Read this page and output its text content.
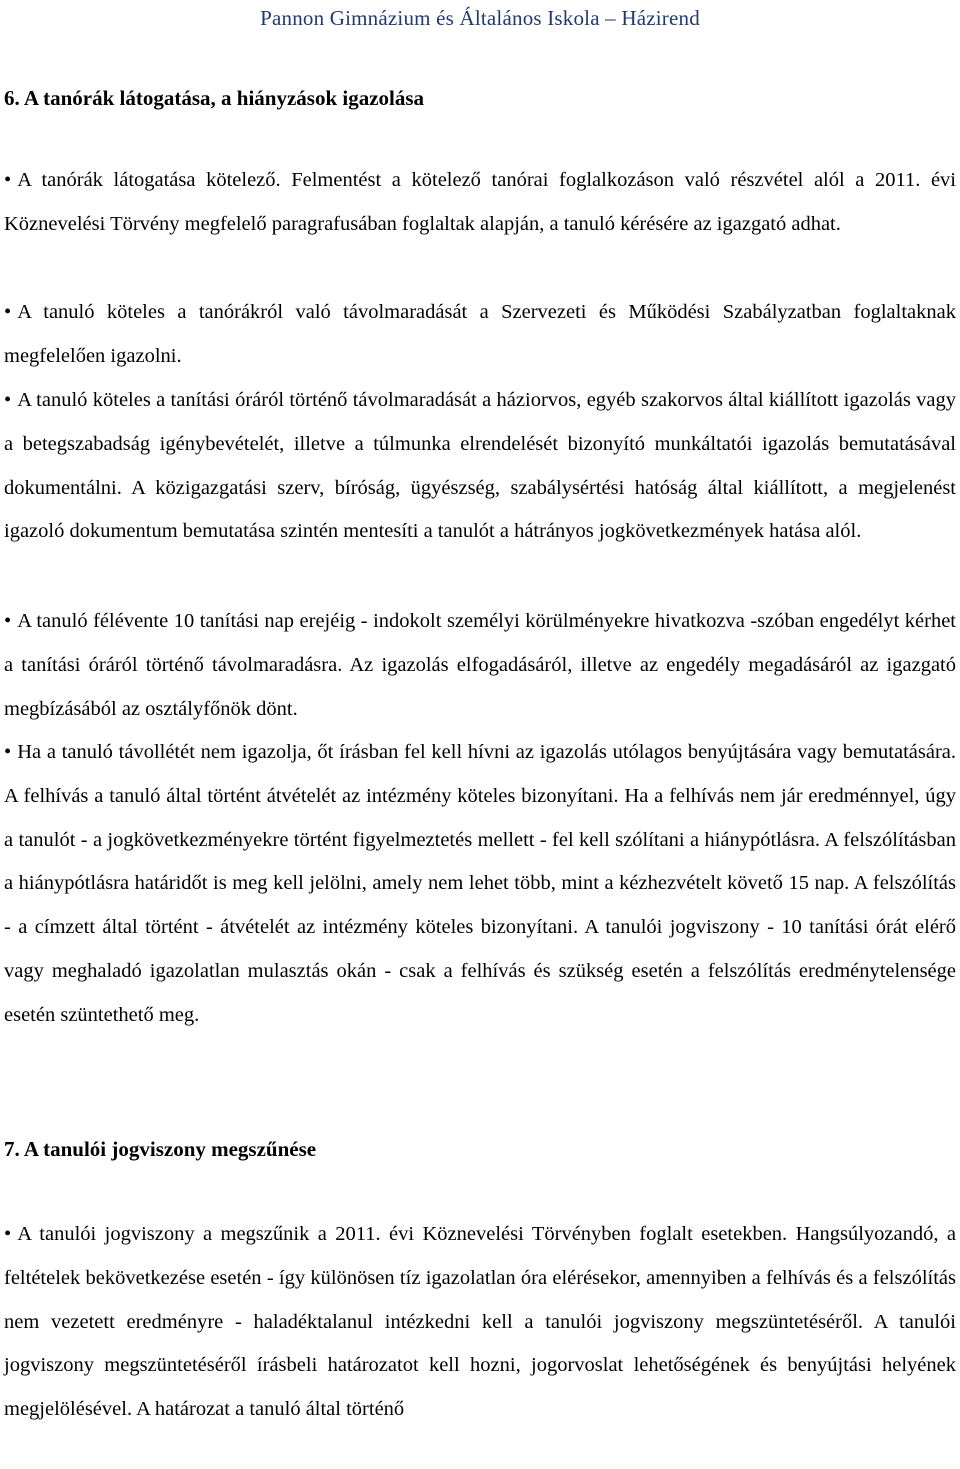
Pannon Gimnázium és Általános Iskola – Házirend
6. A tanórák látogatása, a hiányzások igazolása

• A tanórák látogatása kötelező. Felmentést a kötelező tanórai foglalkozáson való részvétel alól a 2011. évi Köznevelési Törvény megfelelő paragrafusában foglaltak alapján, a tanuló kérésére az igazgató adhat.

• A tanuló köteles a tanórákról való távolmaradását a Szervezeti és Működési Szabályzatban foglaltaknak megfelelően igazolni.

• A tanuló köteles a tanítási óráról történő távolmaradását a háziorvos, egyéb szakorvos által kiállított igazolás vagy a betegszabadság igénybevételét, illetve a túlmunka elrendelését bizonyító munkáltatói igazolás bemutatásával dokumentálni. A közigazgatási szerv, bíróság, ügyészség, szabálysértési hatóság által kiállított, a megjelenést igazoló dokumentum bemutatása szintén mentesíti a tanulót a hátrányos jogkövetkezmények hatása alól.

• A tanuló félévente 10 tanítási nap erejéig - indokolt személyi körülményekre hivatkozva -szóban engedélyt kérhet a tanítási óráról történő távolmaradásra. Az igazolás elfogadásáról, illetve az engedély megadásáról az igazgató megbízásából az osztályfőnök dönt.

• Ha a tanuló távollétét nem igazolja, őt írásban fel kell hívni az igazolás utólagos benyújtására vagy bemutatására. A felhívás a tanuló által történt átvételét az intézmény köteles bizonyítani. Ha a felhívás nem jár eredménnyel, úgy a tanulót - a jogkövetkezményekre történt figyelmeztetés mellett - fel kell szólítani a hiánypótlásra. A felszólításban a hiánypótlásra határidőt is meg kell jelölni, amely nem lehet több, mint a kézhezvételt követő 15 nap. A felszólítás - a címzett által történt - átvételét az intézmény köteles bizonyítani. A tanulói jogviszony - 10 tanítási órát elérő vagy meghaladó igazolatlan mulasztás okán - csak a felhívás és szükség esetén a felszólítás eredménytelensége esetén szüntethető meg.

7. A tanulói jogviszony megszűnése

• A tanulói jogviszony a megszűnik a 2011. évi Köznevelési Törvényben foglalt esetekben. Hangsúlyozandó, a feltételek bekövetkezése esetén - így különösen tíz igazolatlan óra elérésekor, amennyiben a felhívás és a felszólítás nem vezetett eredményre - haladéktalanul intézkedni kell a tanulói jogviszony megszüntetéséről. A tanulói jogviszony megszüntetéséről írásbeli határozatot kell hozni, jogorvoslat lehetőségének és benyújtási helyének megjelölésével. A határozat a tanuló által történő
